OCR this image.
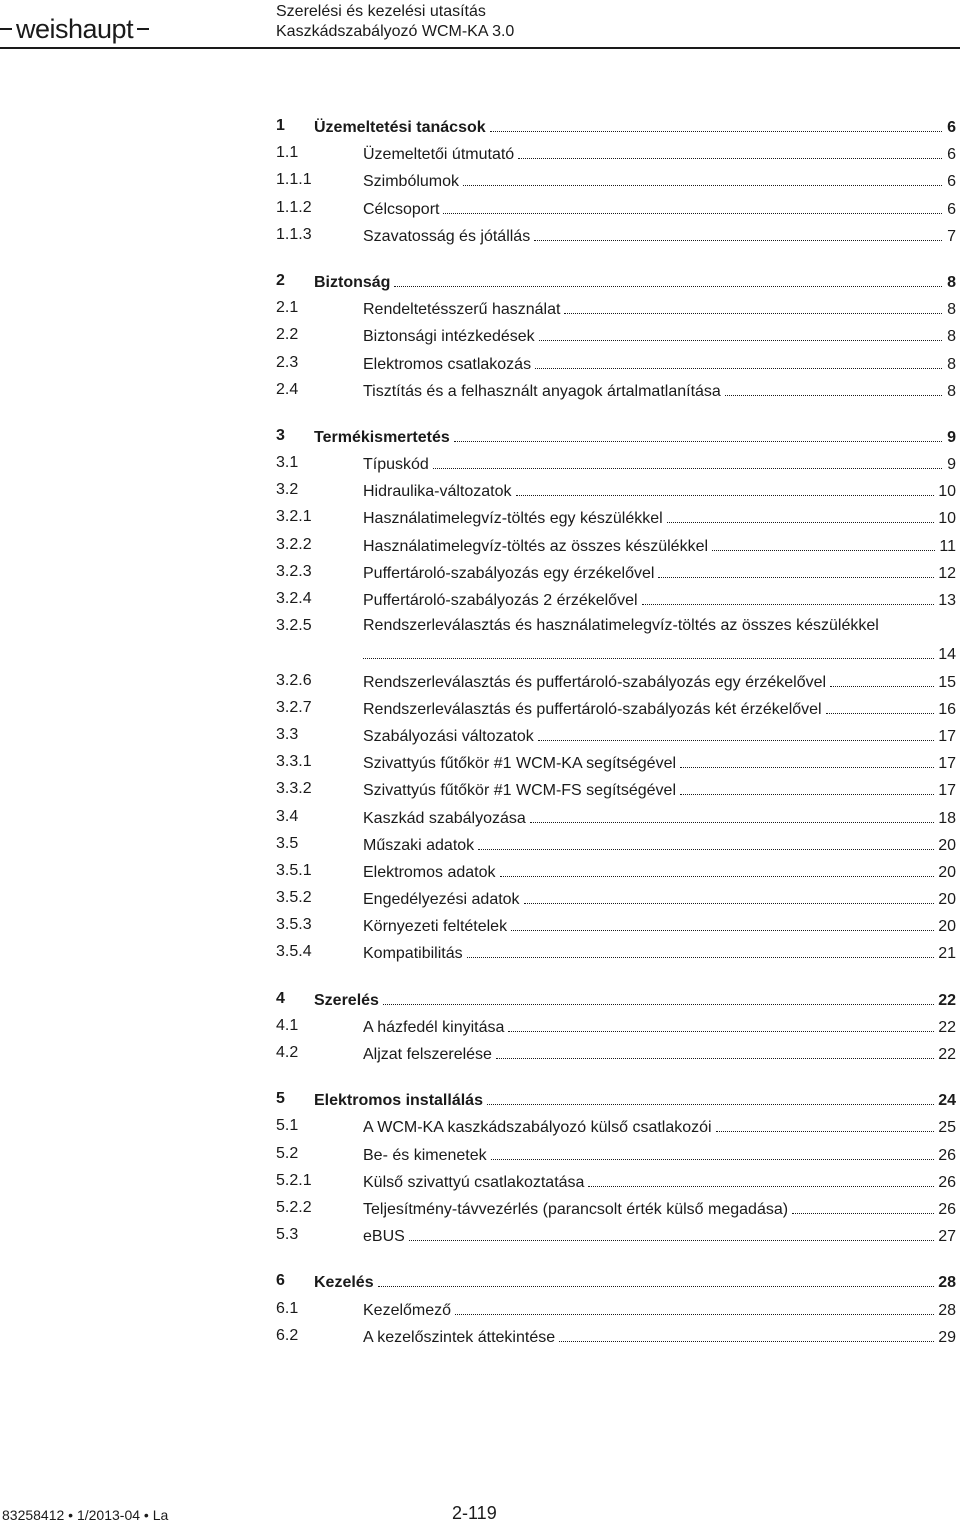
weishaupt
Szerelési és kezelési utasítás
Kaszkádszabályozó WCM-KA 3.0
1 Üzemeltetési tanácsok	6
1.1	Üzemeltetői útmutató	6
1.1.1	Szimbólumok	6
1.1.2	Célcsoport	6
1.1.3	Szavatosság és jótállás	7
2 Biztonság	8
2.1	Rendeltetésszerű használat	8
2.2	Biztonsági intézkedések	8
2.3	Elektromos csatlakozás	8
2.4	Tisztítás és a felhasznált anyagok ártalmatlanítása	8
3 Termékismertetés	9
3.1	Típuskód	9
3.2	Hidraulika-változatok	10
3.2.1	Használatimelegvíz-töltés egy készülékkel	10
3.2.2	Használatimelegvíz-töltés az összes készülékkel	11
3.2.3	Puffertároló-szabályozás egy érzékelővel	12
3.2.4	Puffertároló-szabályozás 2 érzékelővel	13
3.2.5	Rendszerleválasztás és használatimelegvíz-töltés az összes készülékkel
14
3.2.6	Rendszerleválasztás és puffertároló-szabályozás egy érzékelővel	15
3.2.7	Rendszerleválasztás és puffertároló-szabályozás két érzékelővel	16
3.3	Szabályozási változatok	17
3.3.1	Szivattyús fűtőkör #1 WCM-KA segítségével	17
3.3.2	Szivattyús fűtőkör #1 WCM-FS segítségével	17
3.4	Kaszkád szabályozása	18
3.5	Műszaki adatok	20
3.5.1	Elektromos adatok	20
3.5.2	Engedélyezési adatok	20
3.5.3	Környezeti feltételek	20
3.5.4	Kompatibilitás	21
4 Szerelés	22
4.1	A házfedél kinyitása	22
4.2	Aljzat felszerelése	22
5 Elektromos installálás	24
5.1	A WCM-KA kaszkádszabályozó külső csatlakozói	25
5.2	Be- és kimenetek	26
5.2.1	Külső szivattyú csatlakoztatása	26
5.2.2	Teljesítmény-távvezérlés (parancsolt érték külső megadása)	26
5.3	eBUS	27
6 Kezelés	28
6.1	Kezelőmező	28
6.2	A kezelőszintek áttekintése	29
83258412 • 1/2013-04 • La	2-119
